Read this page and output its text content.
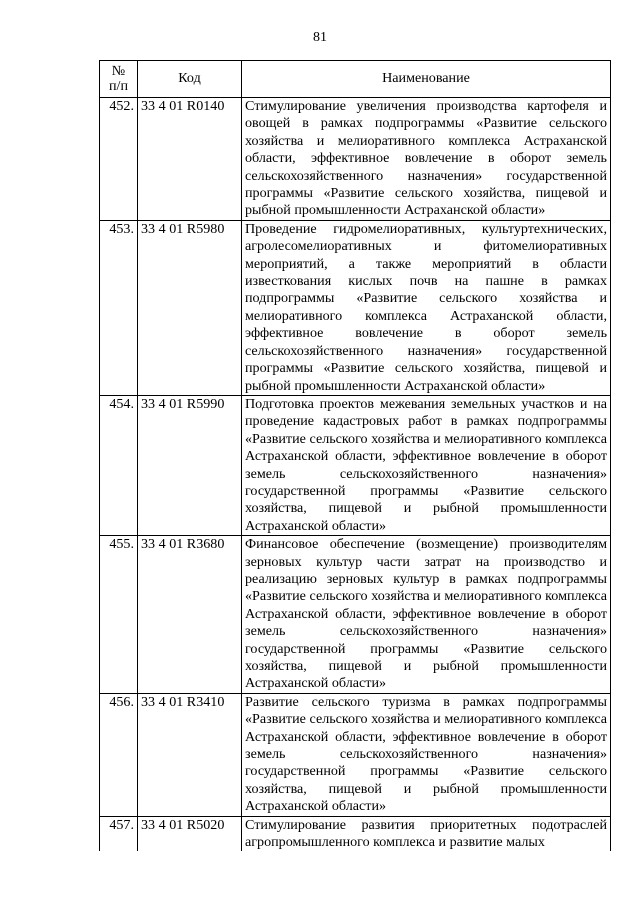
81
№
п/п	Код	Наименование
452.	33 4 01 R0140	Стимулирование увеличения производства картофеля и овощей в рамках подпрограммы «Развитие сельского хозяйства и мелиоративного комплекса Астраханской области, эффективное вовлечение в оборот земель сельскохозяйственного назначения» государственной программы «Развитие сельского хозяйства, пищевой и рыбной промышленности Астраханской области»
453.	33 4 01 R5980	Проведение гидромелиоративных, культуртехнических, агролесомелиоративных и фитомелиоративных мероприятий, а также мероприятий в области известкования кислых почв на пашне в рамках подпрограммы «Развитие сельского хозяйства и мелиоративного комплекса Астраханской области, эффективное вовлечение в оборот земель сельскохозяйственного назначения» государственной программы «Развитие сельского хозяйства, пищевой и рыбной промышленности Астраханской области»
454.	33 4 01 R5990	Подготовка проектов межевания земельных участков и на проведение кадастровых работ в рамках подпрограммы «Развитие сельского хозяйства и мелиоративного комплекса Астраханской области, эффективное вовлечение в оборот земель сельскохозяйственного назначения» государственной программы «Развитие сельского хозяйства, пищевой и рыбной промышленности Астраханской области»
455.	33 4 01 R3680	Финансовое обеспечение (возмещение) производителям зерновых культур части затрат на производство и реализацию зерновых культур в рамках подпрограммы «Развитие сельского хозяйства и мелиоративного комплекса Астраханской области, эффективное вовлечение в оборот земель сельскохозяйственного назначения» государственной программы «Развитие сельского хозяйства, пищевой и рыбной промышленности Астраханской области»
456.	33 4 01 R3410	Развитие сельского туризма в рамках подпрограммы «Развитие сельского хозяйства и мелиоративного комплекса Астраханской области, эффективное вовлечение в оборот земель сельскохозяйственного назначения» государственной программы «Развитие сельского хозяйства, пищевой и рыбной промышленности Астраханской области»
457.	33 4 01 R5020	Стимулирование развития приоритетных подотраслей агропромышленного комплекса и развитие малых
